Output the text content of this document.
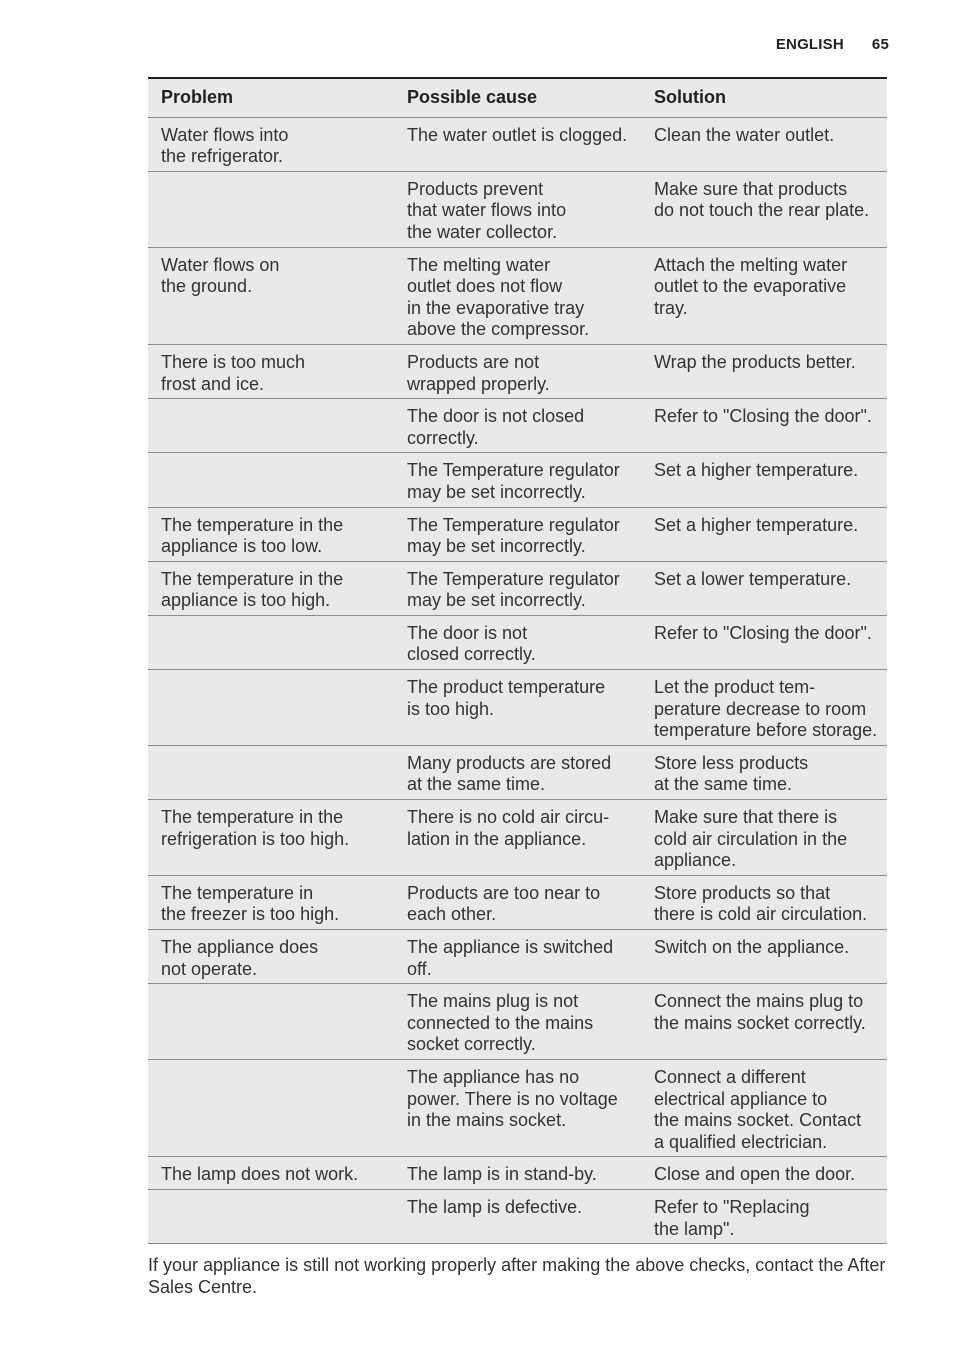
ENGLISH 65
Problem	Possible cause	Solution

Water flows into
the refrigerator.	The water outlet is clogged.	Clean the water outlet.

	Products prevent
that water flows into
the water collector.	Make sure that products
do not touch the rear plate.

Water flows on
the ground.	The melting water
outlet does not flow
in the evaporative tray
above the compressor.	Attach the melting water
outlet to the evaporative
tray.

There is too much
frost and ice.	Products are not
wrapped properly.	Wrap the products better.

	The door is not closed
correctly.	Refer to "Closing the door".

	The Temperature regulator
may be set incorrectly.	Set a higher temperature.

The temperature in the
appliance is too low.	The Temperature regulator
may be set incorrectly.	Set a higher temperature.

The temperature in the
appliance is too high.	The Temperature regulator
may be set incorrectly.	Set a lower temperature.

	The door is not
closed correctly.	Refer to "Closing the door".

	The product temperature
is too high.	Let the product tem-
perature decrease to room
temperature before storage.

	Many products are stored
at the same time.	Store less products
at the same time.

The temperature in the
refrigeration is too high.	There is no cold air circu-
lation in the appliance.	Make sure that there is
cold air circulation in the
appliance.

The temperature in
the freezer is too high.	Products are too near to
each other.	Store products so that
there is cold air circulation.

The appliance does
not operate.	The appliance is switched off.	Switch on the appliance.

	The mains plug is not
connected to the mains
socket correctly.	Connect the mains plug to
the mains socket correctly.

	The appliance has no
power. There is no voltage
in the mains socket.	Connect a different
electrical appliance to
the mains socket. Contact
a qualified electrician.

The lamp does not work.	The lamp is in stand-by.	Close and open the door.

	The lamp is defective.	Refer to "Replacing
the lamp".
If your appliance is still not working properly after making the above checks, contact the After Sales Centre.
